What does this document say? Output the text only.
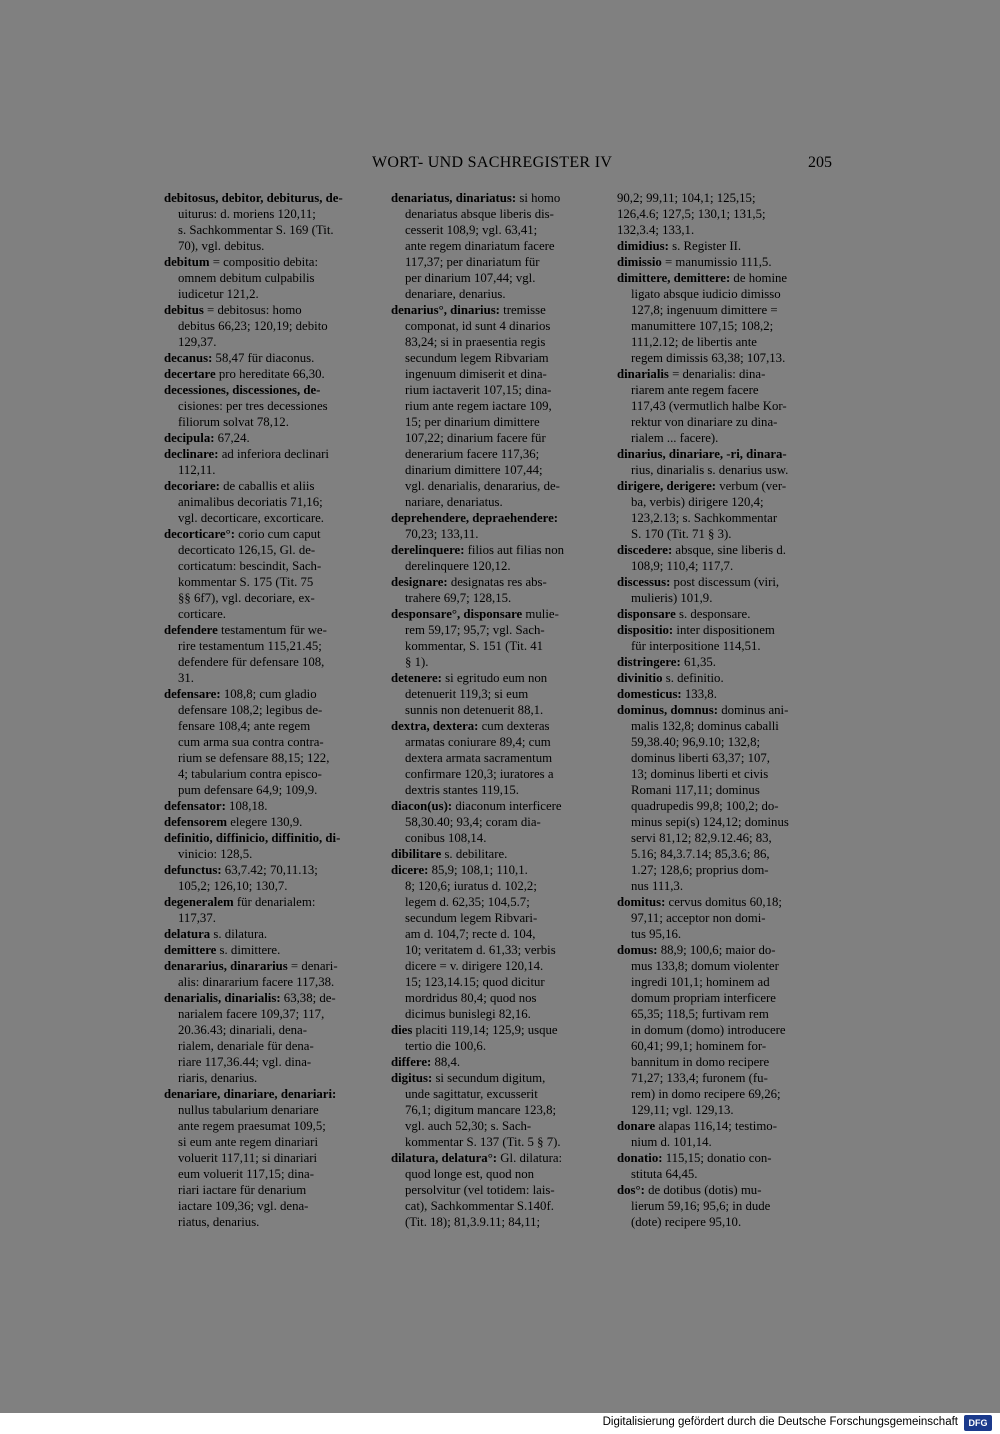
WORT- UND SACHREGISTER IV	205

debitosus, debitor, debiturus, de-
uiturus: d. moriens 120,11;
s. Sachkommentar S. 169 (Tit.
70), vgl. debitus.

debitum = compositio debita:
omnem debitum culpabilis
iudicetur 121,2.

debitus = debitosus: homo
debitus 66,23; 120,19; debito
129,37.

decanus: 58,47 für diaconus.

decertare pro hereditate 66,30.

decessiones, discessiones, de-
cisiones: per tres decessiones
filiorum solvat 78,12.

decipula: 67,24.

declinare: ad inferiora declinari
112,11.

decoriare: de caballis et aliis
animalibus decoriatis 71,16;
vgl. decorticare, excorticare.

decorticare°: corio cum caput
decorticato 126,15, Gl. de-
corticatum: bescindit, Sach-
kommentar S. 175 (Tit. 75
§§ 6f7), vgl. decoriare, ex-
corticare.

defendere testamentum für we-
rire testamentum 115,21.45;
defendere für defensare 108,
31.

defensare: 108,8; cum gladio
defensare 108,2; legibus de-
fensare 108,4; ante regem
cum arma sua contra contra-
rium se defensare 88,15; 122,
4; tabularium contra episco-
pum defensare 64,9; 109,9.

defensator: 108,18.

defensorem elegere 130,9.

definitio, diffinicio, diffinitio, di-
vinicio: 128,5.

defunctus: 63,7.42; 70,11.13;
105,2; 126,10; 130,7.

degeneralem für denarialem:
117,37.

delatura s. dilatura.

demittere s. dimittere.

denararius, dinararius = denari-
alis: dinararium facere 117,38.

denarialis, dinarialis: 63,38; de-
narialem facere 109,37; 117,
20.36.43; dinariali, dena-
rialem, denariale für dena-
riare 117,36.44; vgl. dina-
riaris, denarius.

denariare, dinariare, denariari:
nullus tabularium denariare
ante regem praesumat 109,5;
si eum ante regem dinariari
voluerit 117,11; si dinariari
eum voluerit 117,15; dina-
riari iactare für denarium
iactare 109,36; vgl. dena-
riatus, denarius.

denariatus, dinariatus: si homo
denariatus absque liberis dis-
cesserit 108,9; vgl. 63,41;
ante regem dinariatum facere
117,37; per dinariatum für
per dinarium 107,44; vgl.
denariare, denarius.

denarius°, dinarius: tremisse
componat, id sunt 4 dinarios
83,24; si in praesentia regis
secundum legem Ribvariam
ingenuum dimiserit et dina-
rium iactaverit 107,15; dina-
rium ante regem iactare 109,
15; per dinarium dimittere
107,22; dinarium facere für
denerarium facere 117,36;
dinarium dimittere 107,44;
vgl. denarialis, denararius, de-
nariare, denariatus.

deprehendere, depraehendere:
70,23; 133,11.

derelinquere: filios aut filias non
derelinquere 120,12.

designare: designatas res abs-
trahere 69,7; 128,15.

desponsare°, disponsare mulie-
rem 59,17; 95,7; vgl. Sach-
kommentar, S. 151 (Tit. 41
§ 1).

detenere: si egritudo eum non
detenuerit 119,3; si eum
sunnis non detenuerit 88,1.

dextra, dextera: cum dexteras
armatas coniurare 89,4; cum
dextera armata sacramentum
confirmare 120,3; iuratores a
dextris stantes 119,15.

diacon(us): diaconum interficere
58,30.40; 93,4; coram dia-
conibus 108,14.

dibilitare s. debilitare.

dicere: 85,9; 108,1; 110,1.
8; 120,6; iuratus d. 102,2;
legem d. 62,35; 104,5.7;
secundum legem Ribvari-
am d. 104,7; recte d. 104,
10; veritatem d. 61,33; verbis
dicere = v. dirigere 120,14.
15; 123,14.15; quod dicitur
mordridus 80,4; quod nos
dicimus bunislegi 82,16.

dies placiti 119,14; 125,9; usque
tertio die 100,6.

differe: 88,4.

digitus: si secundum digitum,
unde sagittatur, excusserit
76,1; digitum mancare 123,8;
vgl. auch 52,30; s. Sach-
kommentar S. 137 (Tit. 5 § 7).

dilatura, delatura°: Gl. dilatura:
quod longe est, quod non
persolvitur (vel totidem: lais-
cat), Sachkommentar S.140f.
(Tit. 18); 81,3.9.11; 84,11;

90,2; 99,11; 104,1; 125,15;
126,4.6; 127,5; 130,1; 131,5;
132,3.4; 133,1.

dimidius: s. Register II.

dimissio = manumissio 111,5.

dimittere, demittere: de homine
ligato absque iudicio dimisso
127,8; ingenuum dimittere =
manumittere 107,15; 108,2;
111,2.12; de libertis ante
regem dimissis 63,38; 107,13.

dinarialis = denarialis: dina-
riarem ante regem facere
117,43 (vermutlich halbe Kor-
rektur von dinariare zu dina-
rialem ... facere).

dinarius, dinariare, -ri, dinara-
rius, dinarialis s. denarius usw.

dirigere, derigere: verbum (ver-
ba, verbis) dirigere 120,4;
123,2.13; s. Sachkommentar
S. 170 (Tit. 71 § 3).

discedere: absque, sine liberis d.
108,9; 110,4; 117,7.

discessus: post discessum (viri,
mulieris) 101,9.

disponsare s. desponsare.

dispositio: inter dispositionem
für interpositione 114,51.

distringere: 61,35.

divinitio s. definitio.

domesticus: 133,8.

dominus, domnus: dominus ani-
malis 132,8; dominus caballi
59,38.40; 96,9.10; 132,8;
dominus liberti 63,37; 107,
13; dominus liberti et civis
Romani 117,11; dominus
quadrupedis 99,8; 100,2; do-
minus sepi(s) 124,12; dominus
servi 81,12; 82,9.12.46; 83,
5.16; 84,3.7.14; 85,3.6; 86,
1.27; 128,6; proprius dom-
nus 111,3.

domitus: cervus domitus 60,18;
97,11; acceptor non domi-
tus 95,16.

domus: 88,9; 100,6; maior do-
mus 133,8; domum violenter
ingredi 101,1; hominem ad
domum propriam interficere
65,35; 118,5; furtivam rem
in domum (domo) introducere
60,41; 99,1; hominem for-
bannitum in domo recipere
71,27; 133,4; furonem (fu-
rem) in domo recipere 69,26;
129,11; vgl. 129,13.

donare alapas 116,14; testimo-
nium d. 101,14.

donatio: 115,15; donatio con-
stituta 64,45.

dos°: de dotibus (dotis) mu-
lierum 59,16; 95,6; in dude
(dote) recipere 95,10.

Digitalisierung gefördert durch die Deutsche Forschungsgemeinschaft	DFG
